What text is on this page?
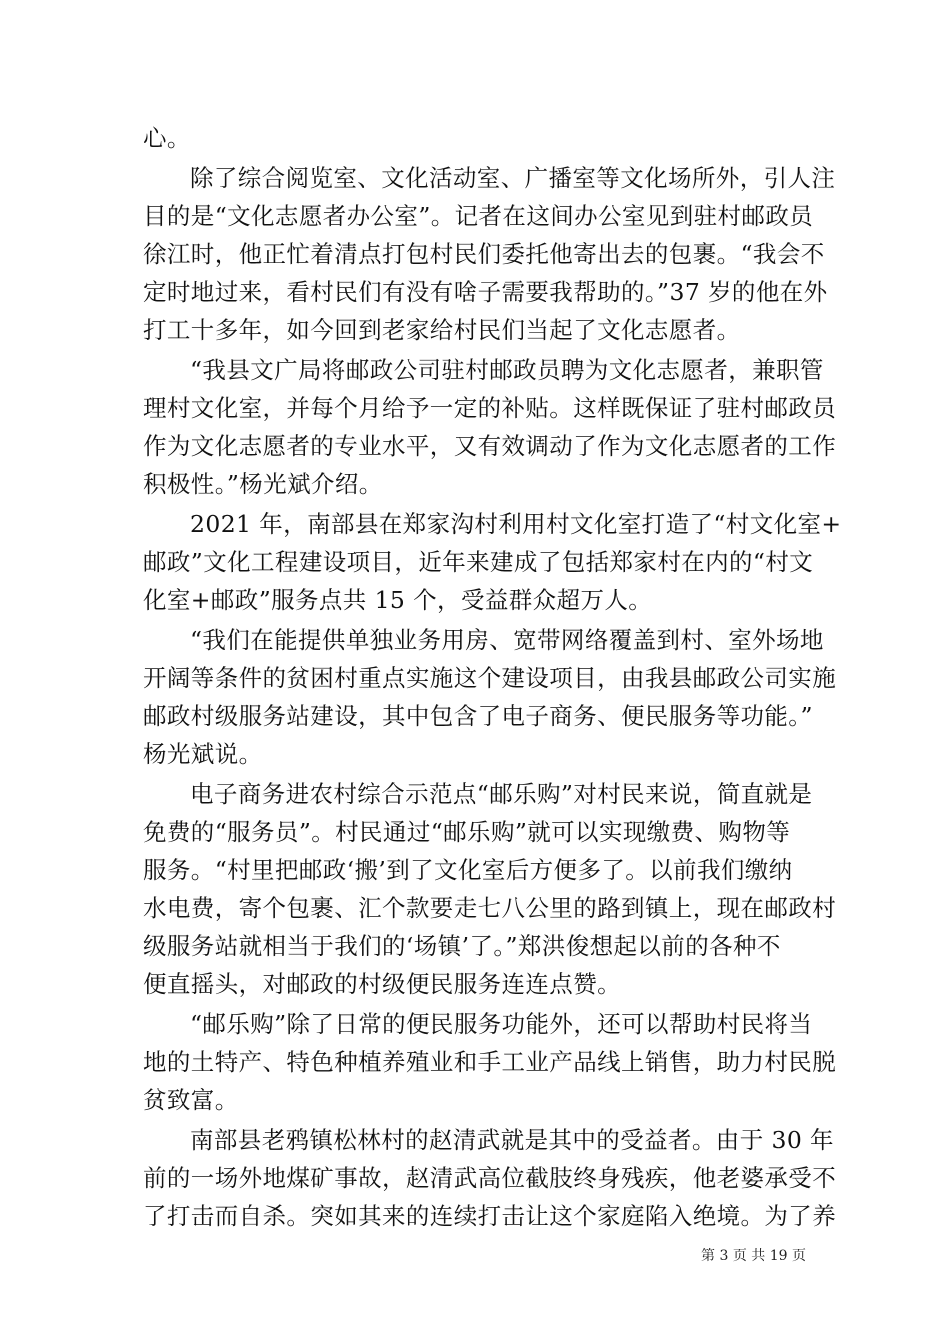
心。
除了综合阅览室、文化活动室、广播室等文化场所外，引人注
目的是“文化志愿者办公室”。记者在这间办公室见到驻村邮政员
徐江时，他正忙着清点打包村民们委托他寄出去的包裹。“我会不
定时地过来，看村民们有没有啥子需要我帮助的。”37 岁的他在外
打工十多年，如今回到老家给村民们当起了文化志愿者。
“我县文广局将邮政公司驻村邮政员聘为文化志愿者，兼职管
理村文化室，并每个月给予一定的补贴。这样既保证了驻村邮政员
作为文化志愿者的专业水平，又有效调动了作为文化志愿者的工作
积极性。”杨光斌介绍。
2021 年，南部县在郑家沟村利用村文化室打造了“村文化室+
邮政”文化工程建设项目，近年来建成了包括郑家村在内的“村文
化室+邮政”服务点共 15 个，受益群众超万人。
“我们在能提供单独业务用房、宽带网络覆盖到村、室外场地
开阔等条件的贫困村重点实施这个建设项目，由我县邮政公司实施
邮政村级服务站建设，其中包含了电子商务、便民服务等功能。”
杨光斌说。
电子商务进农村综合示范点“邮乐购”对村民来说，简直就是
免费的“服务员”。村民通过“邮乐购”就可以实现缴费、购物等
服务。“村里把邮政‘搬’到了文化室后方便多了。以前我们缴纳
水电费，寄个包裹、汇个款要走七八公里的路到镇上，现在邮政村
级服务站就相当于我们的‘场镇’了。”郑洪俊想起以前的各种不
便直摇头，对邮政的村级便民服务连连点赞。
“邮乐购”除了日常的便民服务功能外，还可以帮助村民将当
地的土特产、特色种植养殖业和手工业产品线上销售，助力村民脱
贫致富。
南部县老鸦镇松林村的赵清武就是其中的受益者。由于 30 年
前的一场外地煤矿事故，赵清武高位截肢终身残疾，他老婆承受不
了打击而自杀。突如其来的连续打击让这个家庭陷入绝境。为了养
第 3 页 共 19 页
